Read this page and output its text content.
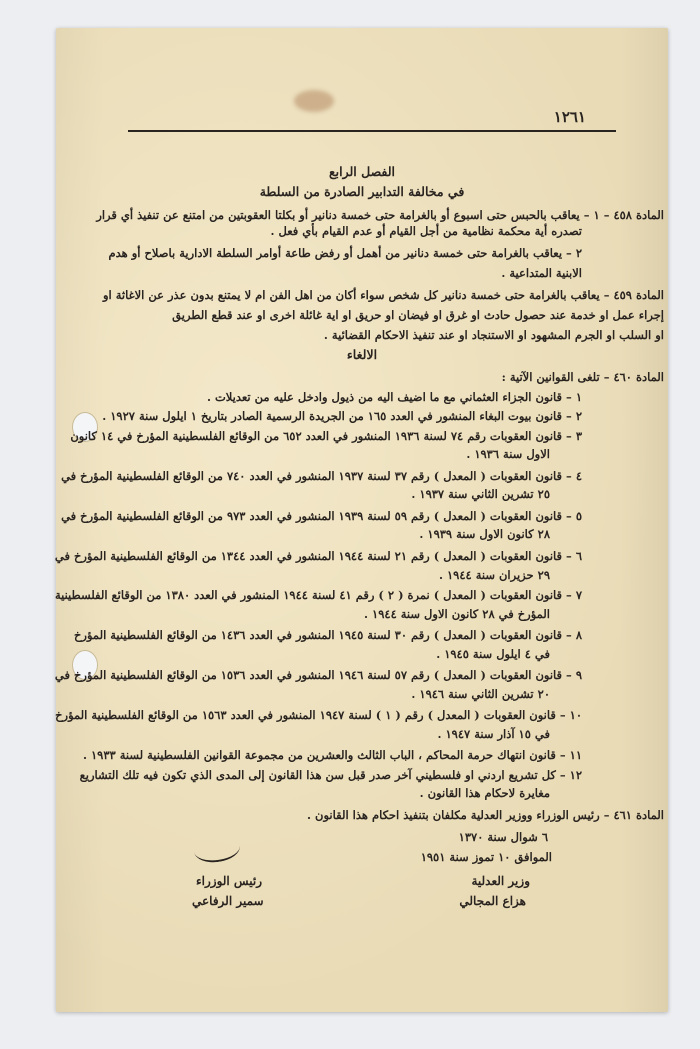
١٢٦١
الفصل الرابع
في مخالفة التدابير الصادرة من السلطة
المادة ٤٥٨ – ١ – يعاقب بالحبس حتى اسبوع أو بالغرامة حتى خمسة دنانير أو بكلتا العقوبتين من امتنع عن تنفيذ أي قرار
تصدره أية محكمة نظامية من أجل القيام أو عدم القيام بأي فعل .
٢ – يعاقب بالغرامة حتى خمسة دنانير من أهمل أو رفض طاعة أوامر السلطة الادارية باصلاح أو هدم
الابنية المتداعية .
المادة ٤٥٩ – يعاقب بالغرامة حتى خمسة دنانير كل شخص سواء أكان من اهل الفن ام لا يمتنع بدون عذر عن الاغاثة او
إجراء عمل او خدمة عند حصول حادث او غرق او فيضان او حريق او اية غائلة اخرى او عند قطع الطريق
او السلب او الجرم المشهود او الاستنجاد او عند تنفيذ الاحكام القضائية .
الالغاء
المادة ٤٦٠ – تلغى القوانين الآتية :
١ – قانون الجزاء العثماني مع ما اضيف اليه من ذيول وادخل عليه من تعديلات .
٢ – قانون بيوت البغاء المنشور في العدد ١٦٥ من الجريدة الرسمية الصادر بتاريخ ١ ايلول سنة ١٩٢٧ .
٣ – قانون العقوبات رقم ٧٤ لسنة ١٩٣٦ المنشور في العدد ٦٥٢ من الوقائع الفلسطينية المؤرخ في ١٤ كانون
الاول سنة ١٩٣٦ .
٤ – قانون العقوبات ( المعدل ) رقم ٣٧ لسنة ١٩٣٧ المنشور في العدد ٧٤٠ من الوقائع الفلسطينية المؤرخ في
٢٥ تشرين الثاني سنة ١٩٣٧ .
٥ – قانون العقوبات ( المعدل ) رقم ٥٩ لسنة ١٩٣٩ المنشور في العدد ٩٧٣ من الوقائع الفلسطينية المؤرخ في
٢٨ كانون الاول سنة ١٩٣٩ .
٦ – قانون العقوبات ( المعدل ) رقم ٢١ لسنة ١٩٤٤ المنشور في العدد ١٣٤٤ من الوقائع الفلسطينية المؤرخ في
٢٩ حزيران سنة ١٩٤٤ .
٧ – قانون العقوبات ( المعدل ) نمرة ( ٢ ) رقم ٤١ لسنة ١٩٤٤ المنشور في العدد ١٣٨٠ من الوقائع الفلسطينية
المؤرخ في ٢٨ كانون الاول سنة ١٩٤٤ .
٨ – قانون العقوبات ( المعدل ) رقم ٣٠ لسنة ١٩٤٥ المنشور في العدد ١٤٣٦ من الوقائع الفلسطينية المؤرخ
في ٤ ايلول سنة ١٩٤٥ .
٩ – قانون العقوبات ( المعدل ) رقم ٥٧ لسنة ١٩٤٦ المنشور في العدد ١٥٣٦ من الوقائع الفلسطينية المؤرخ في
٢٠ تشرين الثاني سنة ١٩٤٦ .
١٠ – قانون العقوبات ( المعدل ) رقم ( ١ ) لسنة ١٩٤٧ المنشور في العدد ١٥٦٣ من الوقائع الفلسطينية المؤرخ
في ١٥ آذار سنة ١٩٤٧ .
١١ – قانون انتهاك حرمة المحاكم ، الباب الثالث والعشرين من مجموعة القوانين الفلسطينية لسنة ١٩٣٣ .
١٢ – كل تشريع اردني او فلسطيني آخر صدر قبل سن هذا القانون إلى المدى الذي تكون فيه تلك التشاريع
مغايرة لاحكام هذا القانون .
المادة ٤٦١ – رئيس الوزراء ووزير العدلية مكلفان بتنفيذ احكام هذا القانون .
٦ شوال سنة ١٣٧٠
الموافق ١٠ تموز سنة ١٩٥١
وزير العدلية
هزاع المجالي
رئيس الوزراء
سمير الرفاعي
